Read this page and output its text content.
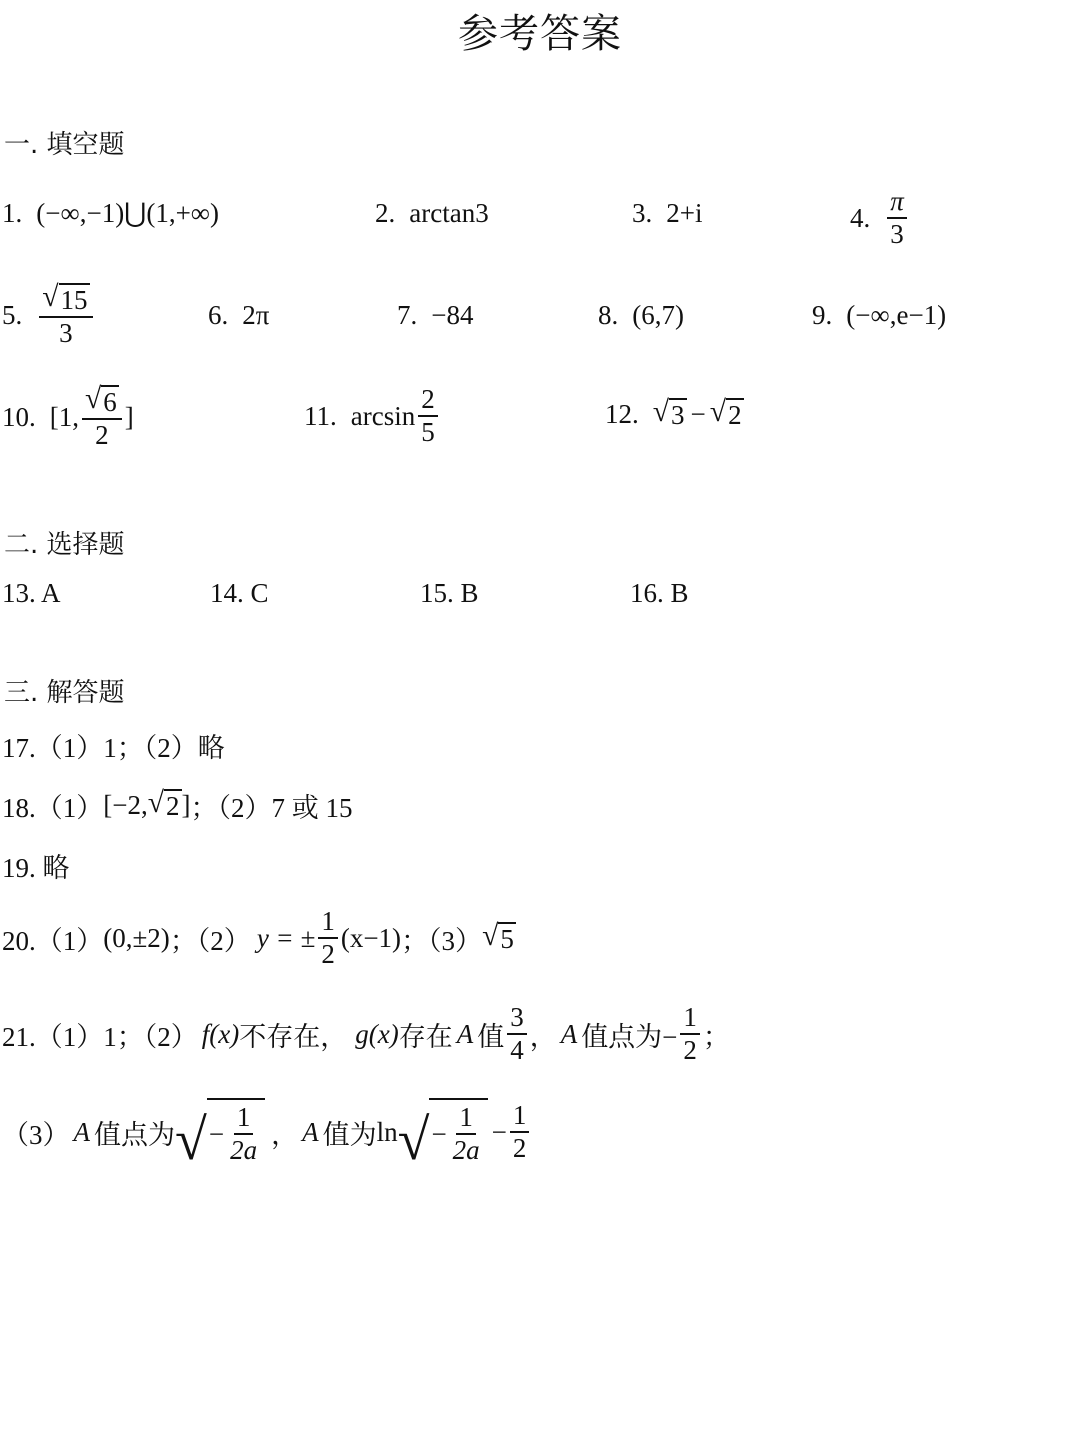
参考答案
一. 填空题
1. (−∞,−1)⋃(1,+∞)	2. arctan3	3. 2+i	4. $\frac{\pi}{3}$
5. $\frac{√ 15}{3}$	6. 2π	7. −84	8. (6,7)	9. (−∞,e−1)
10. [1, $\frac{√ 6}{2}$ ]	11. $\arcsin \frac{2}{5}$	12. √ 3 − √ 2
二. 选择题
13. A	14. C	15. B	16. B
三. 解答题
17.（1）1；（2）略
18.（1） [−2, √ 2 ] ；（2）7 或 15
19. 略
20.（1） (0,±2) ；（2） y = ± $\frac{1}{2} (x-1)$ ；（3） √ 5
21.（1）1；（2） f(x) 不存在， g(x) 存在 A 值 $\frac{3}{4}$ ， A 值点为− $\frac{1}{2}$ ；
（3） A 值点为 √ − $\frac{1}{2a}$ ， A 值为 ln √ − $\frac{1}{2a} - \frac{1}{2}$
